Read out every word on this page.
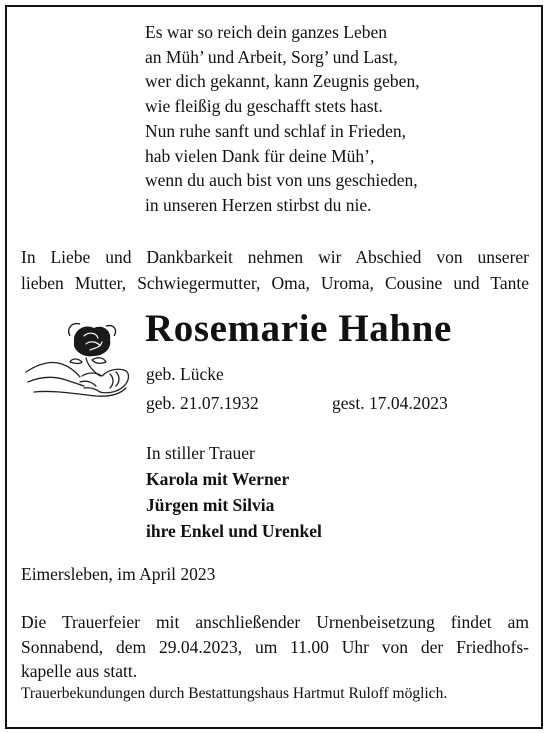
Es war so reich dein ganzes Leben
an Müh’ und Arbeit, Sorg’ und Last,
wer dich gekannt, kann Zeugnis geben,
wie fleißig du geschafft stets hast.
Nun ruhe sanft und schlaf in Frieden,
hab vielen Dank für deine Müh’,
wenn du auch bist von uns geschieden,
in unseren Herzen stirbst du nie.
In Liebe und Dankbarkeit nehmen wir Abschied von unserer
lieben Mutter, Schwiegermutter, Oma, Uroma, Cousine und Tante
Rosemarie Hahne
geb. Lücke
geb. 21.07.1932	gest. 17.04.2023
In stiller Trauer
Karola mit Werner
Jürgen mit Silvia
ihre Enkel und Urenkel
Eimersleben, im April 2023
Die Trauerfeier mit anschließender Urnenbeisetzung findet am
Sonnabend, dem 29.04.2023, um 11.00 Uhr von der Friedhofs-
kapelle aus statt.
Trauerbekundungen durch Bestattungshaus Hartmut Ruloff möglich.
